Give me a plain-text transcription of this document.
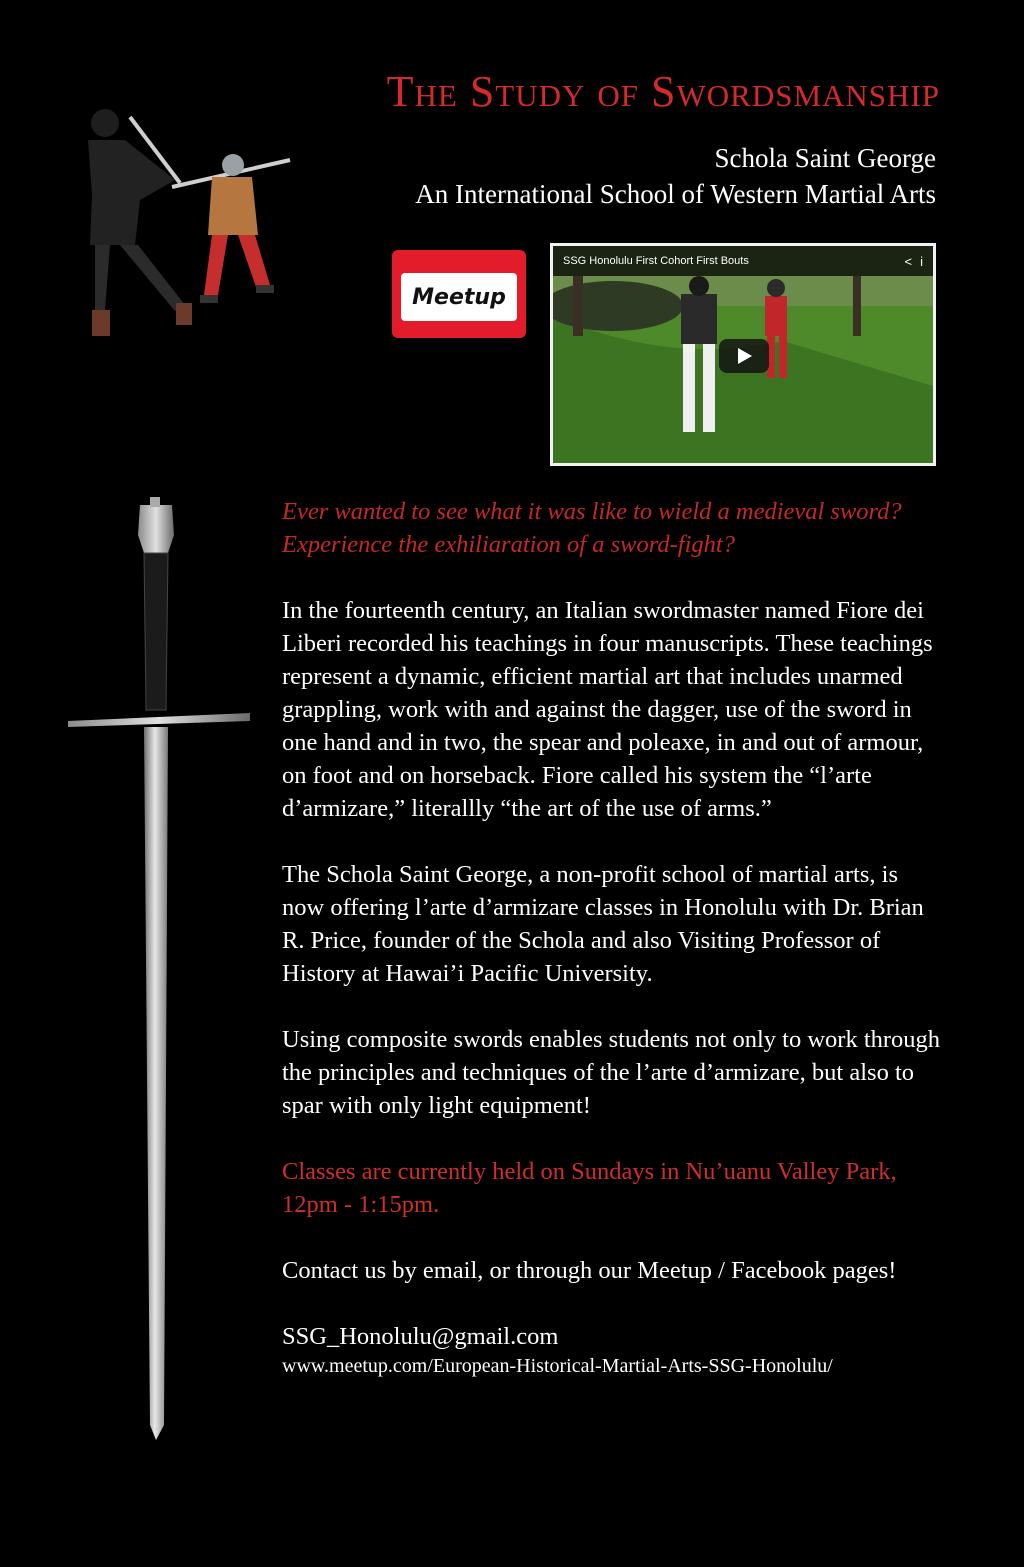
The Study of Swordsmanship
Schola Saint George
An International School of Western Martial Arts
Meetup
SSG Honolulu First Cohort First Bouts	< i

Ever wanted to see what it was like to wield a medieval sword?

Experience the exhiliaration of a sword-fight?

In the fourteenth century, an Italian swordmaster named Fiore dei Liberi recorded his teachings in four manuscripts. These teachings represent a dynamic, efficient martial art that includes unarmed grappling, work with and against the dagger, use of the sword in one hand and in two, the spear and poleaxe, in and out of armour, on foot and on horseback. Fiore called his system the “l’arte d’armizare,” literallly “the art of the use of arms.”

The Schola Saint George, a non-profit school of martial arts, is now offering l’arte d’armizare classes in Honolulu with Dr. Brian R. Price, founder of the Schola and also Visiting Professor of History at Hawai’i Pacific University.

Using composite swords enables students not only to work through the principles and techniques of the l’arte d’armizare, but also to spar with only light equipment!

Classes are currently held on Sundays in Nu’uanu Valley Park, 12pm - 1:15pm.

Contact us by email, or through our Meetup / Facebook pages!

SSG_Honolulu@gmail.com

www.meetup.com/European-Historical-Martial-Arts-SSG-Honolulu/
